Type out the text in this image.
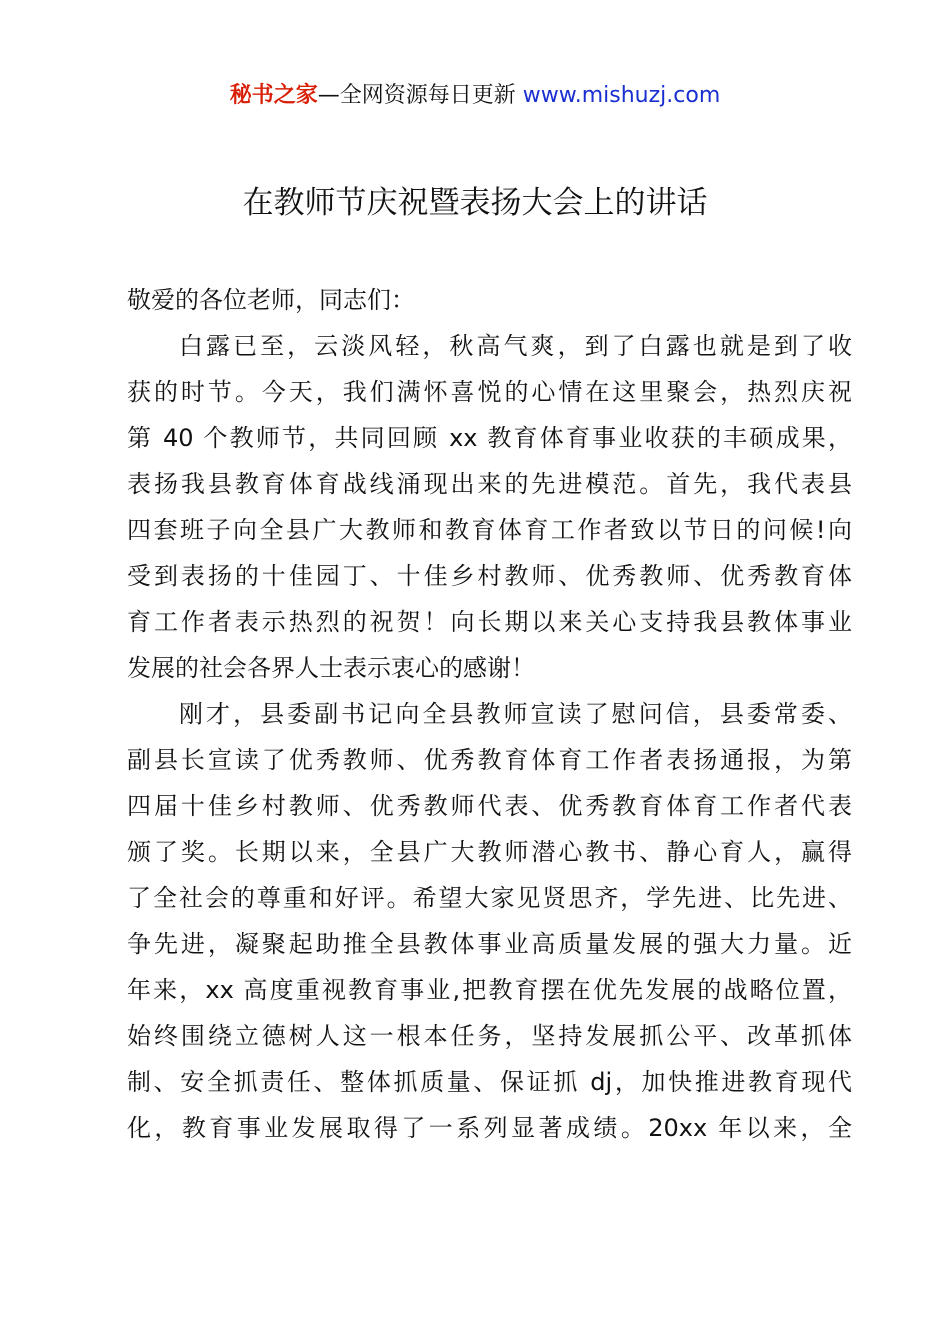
秘书之家—全网资源每日更新 www.mishuzj.com
在教师节庆祝暨表扬大会上的讲话
敬爱的各位老师，同志们：
白露已至，云淡风轻，秋高气爽，到了白露也就是到了收
获的时节。今天，我们满怀喜悦的心情在这里聚会，热烈庆祝
第 40 个教师节，共同回顾 xx 教育体育事业收获的丰硕成果，
表扬我县教育体育战线涌现出来的先进模范。首先，我代表县
四套班子向全县广大教师和教育体育工作者致以节日的问候!向
受到表扬的十佳园丁、十佳乡村教师、优秀教师、优秀教育体
育工作者表示热烈的祝贺！向长期以来关心支持我县教体事业
发展的社会各界人士表示衷心的感谢！
刚才，县委副书记向全县教师宣读了慰问信，县委常委、
副县长宣读了优秀教师、优秀教育体育工作者表扬通报，为第
四届十佳乡村教师、优秀教师代表、优秀教育体育工作者代表
颁了奖。长期以来，全县广大教师潜心教书、静心育人，赢得
了全社会的尊重和好评。希望大家见贤思齐，学先进、比先进、
争先进，凝聚起助推全县教体事业高质量发展的强大力量。近
年来，xx 高度重视教育事业,把教育摆在优先发展的战略位置，
始终围绕立德树人这一根本任务，坚持发展抓公平、改革抓体
制、安全抓责任、整体抓质量、保证抓 dj，加快推进教育现代
化，教育事业发展取得了一系列显著成绩。20xx 年以来，全
